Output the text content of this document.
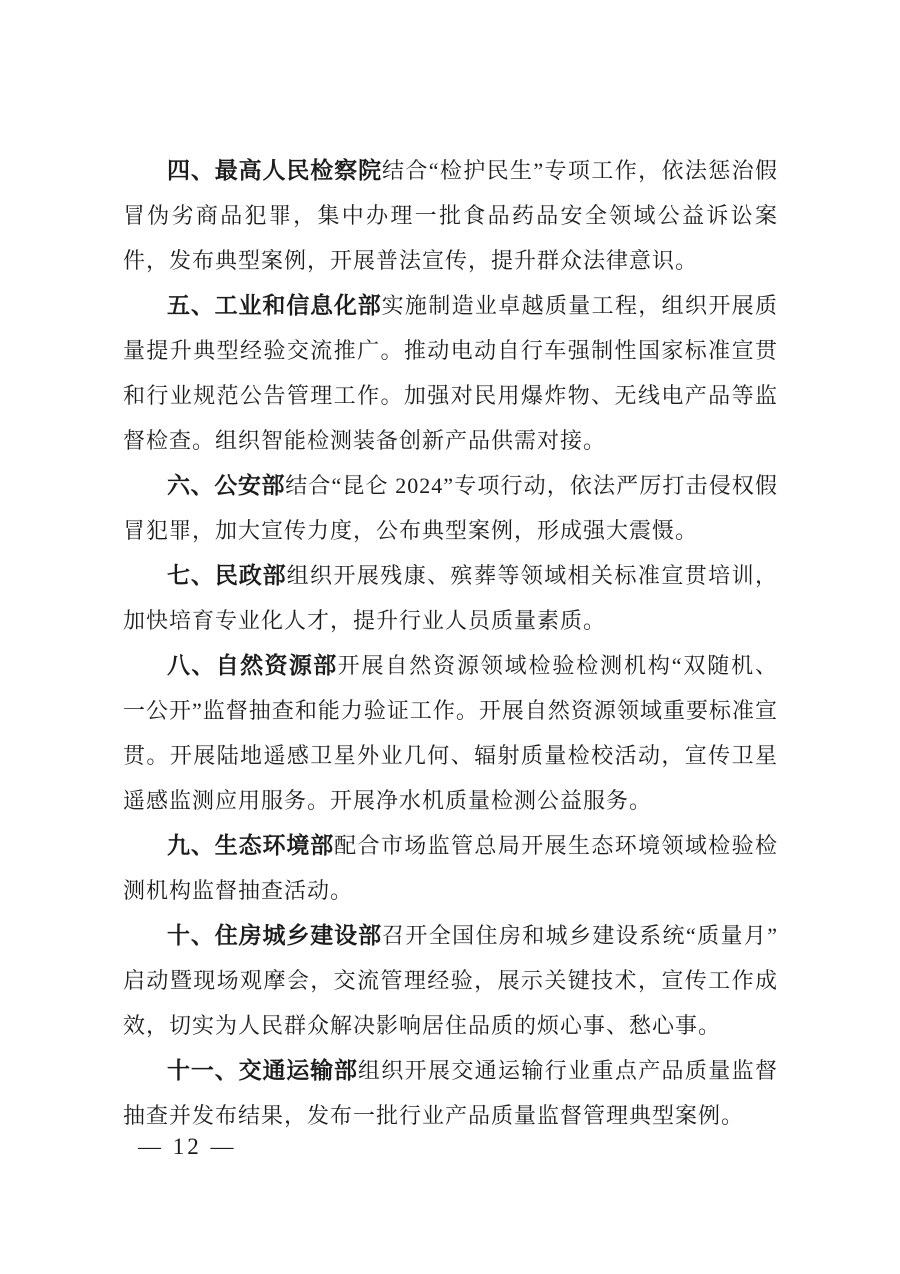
四、最高人民检察院结合“检护民生”专项工作，依法惩治假冒伪劣商品犯罪，集中办理一批食品药品安全领域公益诉讼案件，发布典型案例，开展普法宣传，提升群众法律意识。

五、工业和信息化部实施制造业卓越质量工程，组织开展质量提升典型经验交流推广。推动电动自行车强制性国家标准宣贯和行业规范公告管理工作。加强对民用爆炸物、无线电产品等监督检查。组织智能检测装备创新产品供需对接。

六、公安部结合“昆仑 2024”专项行动，依法严厉打击侵权假冒犯罪，加大宣传力度，公布典型案例，形成强大震慑。

七、民政部组织开展残康、殡葬等领域相关标准宣贯培训，加快培育专业化人才，提升行业人员质量素质。

八、自然资源部开展自然资源领域检验检测机构“双随机、一公开”监督抽查和能力验证工作。开展自然资源领域重要标准宣贯。开展陆地遥感卫星外业几何、辐射质量检校活动，宣传卫星遥感监测应用服务。开展净水机质量检测公益服务。

九、生态环境部配合市场监管总局开展生态环境领域检验检测机构监督抽查活动。

十、住房城乡建设部召开全国住房和城乡建设系统“质量月”启动暨现场观摩会，交流管理经验，展示关键技术，宣传工作成效，切实为人民群众解决影响居住品质的烦心事、愁心事。

十一、交通运输部组织开展交通运输行业重点产品质量监督抽查并发布结果，发布一批行业产品质量监督管理典型案例。

— 12 —
